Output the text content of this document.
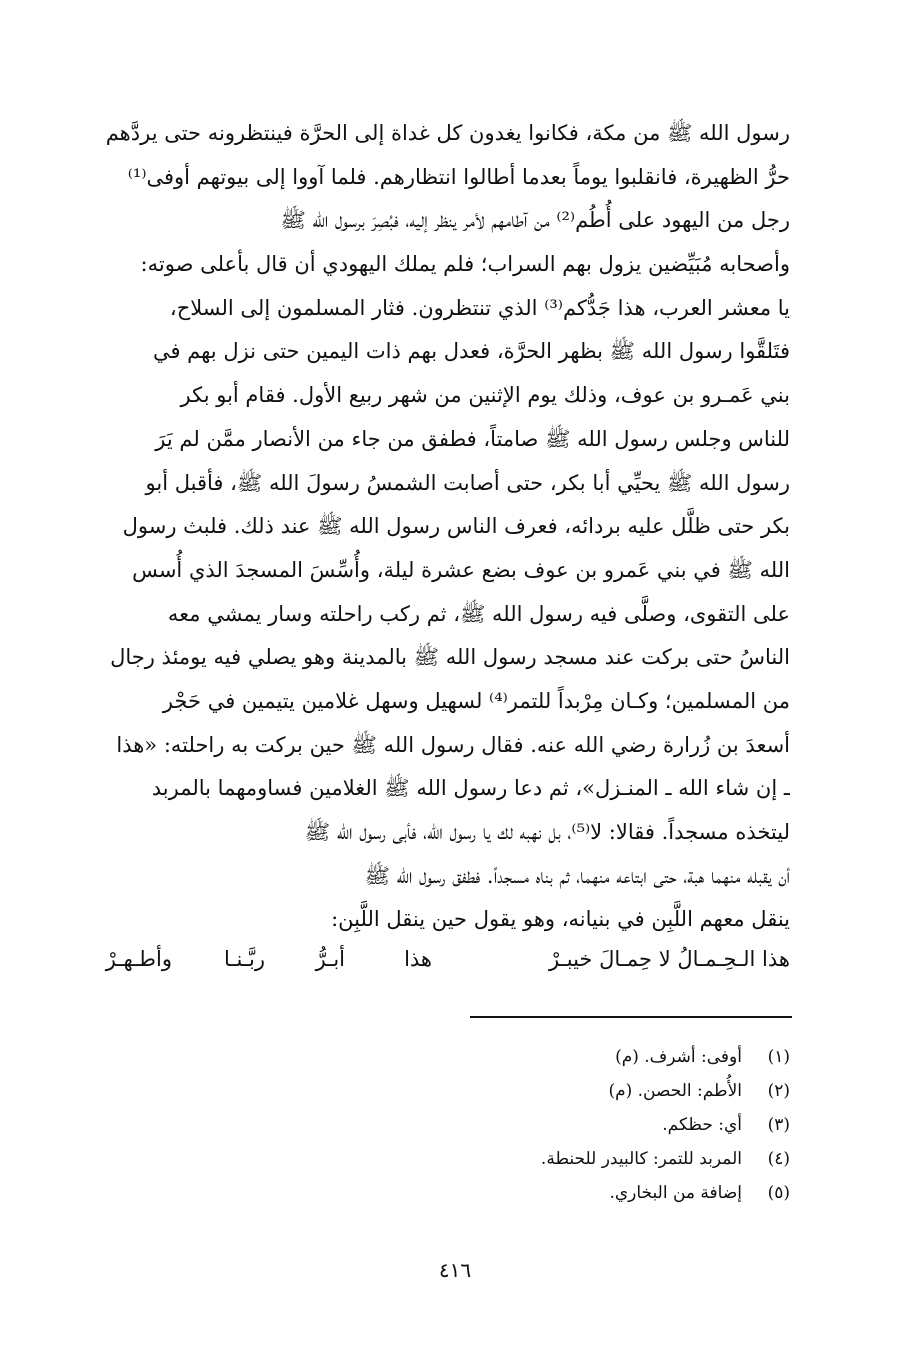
رسول الله ﷺ من مكة، فكانوا يغدون كل غداة إلى الحرَّة فينتظرونه حتى يردَّهم
حرُّ الظهيرة، فانقلبوا يوماً بعدما أطالوا انتظارهم. فلما آووا إلى بيوتهم أوفى⁽¹⁾
رجل من اليهود على أُطُم⁽²⁾ من آطامهم لأمر ينظر إليه، فبُصِرَ برسول الله ﷺ
وأصحابه مُبَيِّضين يزول بهم السراب؛ فلم يملك اليهودي أن قال بأعلى صوته:
يا معشر العرب، هذا جَدُّكم⁽³⁾ الذي تنتظرون. فثار المسلمون إلى السلاح،
فتَلقَّوا رسول الله ﷺ بظهر الحرَّة، فعدل بهم ذات اليمين حتى نزل بهم في
بني عَمـرو بن عوف، وذلك يوم الإثنين من شهر ربيع الأول. فقام أبو بكر
للناس وجلس رسول الله ﷺ صامتاً، فطفق من جاء من الأنصار ممَّن لم يَرَ
رسول الله ﷺ يحيِّي أبا بكر، حتى أصابت الشمسُ رسولَ الله ﷺ، فأقبل أبو
بكر حتى ظلَّل عليه بردائه، فعرف الناس رسول الله ﷺ عند ذلك. فلبث رسول
الله ﷺ في بني عَمرو بن عوف بضع عشرة ليلة، وأُسِّسَ المسجدَ الذي أُسس
على التقوى، وصلَّى فيه رسول الله ﷺ، ثم ركب راحلته وسار يمشي معه
الناسُ حتى بركت عند مسجد رسول الله ﷺ بالمدينة وهو يصلي فيه يومئذ رجال
من المسلمين؛ وكـان مِرْبداً للتمر⁽⁴⁾ لسهيل وسهل غلامين يتيمين في حَجْر
أسعدَ بن زُرارة رضي الله عنه. فقال رسول الله ﷺ حين بركت به راحلته: «هذا
ـ إن شاء الله ـ المنـزل»، ثم دعا رسول الله ﷺ الغلامين فساومهما بالمربد
ليتخذه مسجداً. فقالا: لا⁽⁵⁾، بل نهبه لك يا رسول الله، فأبى رسول الله ﷺ
أن يقبله منهما هبة، حتى ابتاعه منهما، ثم بناه مسجداً. فطفق رسول الله ﷺ
ينقل معهم اللَّبِن في بنيانه، وهو يقول حين ينقل اللَّبِن:
هذا الـحِـمـالُ لا حِمـالَ خيبـرْ
هذا
أبـرُّ
ربَّـنـا
وأطـهـرْ
(١)
أوفى: أشرف. (م)
(٢)
الأُطم: الحصن. (م)
(٣)
أي: حظكم.
(٤)
المربد للتمر: كالبيدر للحنطة.
(٥)
إضافة من البخاري.
٤١٦
